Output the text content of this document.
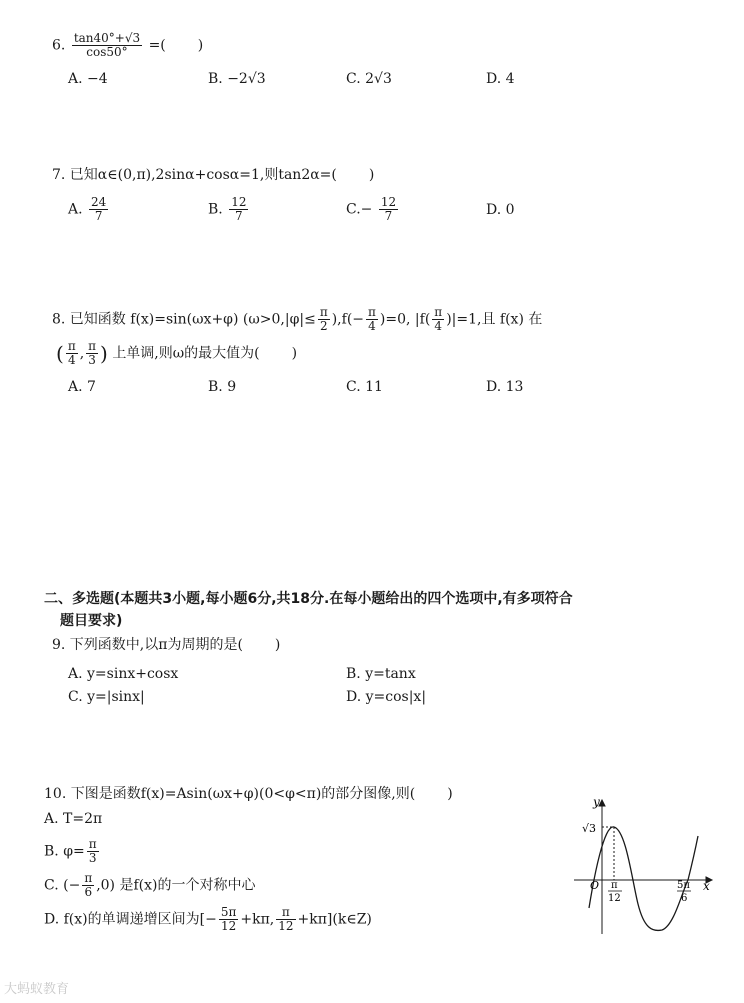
6. $\frac{\tan 40^\circ+√3}{\cos 50^\circ}$ =( )
A. −4	B. −2√3	C. 2√3	D. 4
7. 已知α∈(0,π),2sinα+cosα=1,则tan2α=( )
A. $\frac{24}{7}$	B. $\frac{12}{7}$	$C.- \frac{12}{7}$	D. 0
8. 已知函数 f(x)=sin(ωx+φ) $(\omega>0,|\varphi|\le \frac{\pi}{2} ),f(- \frac{\pi}{4} )=0$, $|f( \frac{\pi}{4} )|=1$,且 f(x) 在
( $\frac{\pi}{4}$ , $\frac{\pi}{3}$ ) 上单调,则ω的最大值为( )
A. 7	B. 9	C. 11	D. 13
二、多选题(本题共3小题,每小题6分,共18分.在每小题给出的四个选项中,有多项符合
题目要求)
9. 下列函数中,以π为周期的是( )
A. y=sinx+cosx	B. y=tanx
C. y=|sinx|	D. y=cos|x|
10. 下图是函数f(x)=Asin(ωx+φ)(0<φ<π)的部分图像,则( )
A. T=2π
B. $\varphi= \frac{\pi}{3}$
C. (− $\frac{\pi}{6} ,0$) 是f(x)的一个对称中心
D. f(x)的单调递增区间为[− $\frac{5\pi}{12} +k\pi$, $\frac{\pi}{12}$ +kπ](k∈Z)
y
x
O
√3
π
12
5π
6
大蚂蚁教育
